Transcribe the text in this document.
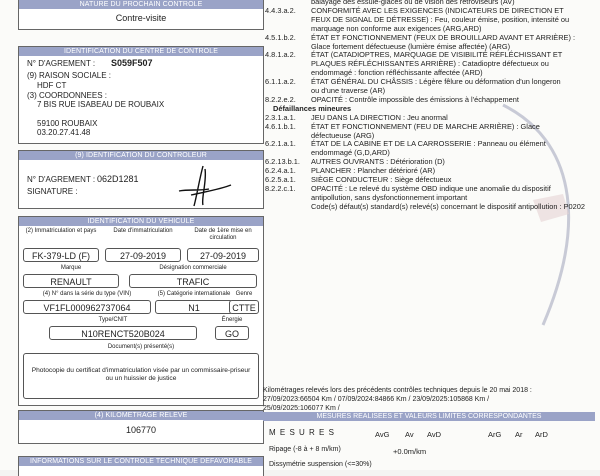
NATURE DU PROCHAIN CONTROLE
Contre-visite
IDENTIFICATION DU CENTRE DE CONTROLE
N° D'AGREMENT : S059F507
(9) RAISON SOCIALE :
HDF CT
(3) COORDONNEES :
7 BIS RUE ISABEAU DE ROUBAIX
59100 ROUBAIX
03.20.27.41.48
(9) IDENTIFICATION DU CONTROLEUR
N° D'AGREMENT : 062D1281
SIGNATURE :
IDENTIFICATION DU VEHICULE
(2) Immatriculation et pays
FK-379-LD (F)
Date d'immatriculation
27-09-2019
Date de 1ère mise en circulation
27-09-2019
Marque
RENAULT
Désignation commerciale
TRAFIC
(4) N° dans la série du type (VIN)
VF1FL000962737064
(5) Catégorie internationale
N1
Genre
CTTE
Type/CNIT
N10RENCT520B024
Énergie
GO
Document(s) présenté(s)
Photocopie du certificat d'immatriculation visée par un commissaire-priseur ou un huissier de justice
(4) KILOMETRAGE RELEVE
106770
INFORMATIONS SUR LE CONTROLE TECHNIQUE DEFAVORABLE
balayage des essuie-glaces ou de vision des rétroviseurs (AV)
4.4.3.a.2. CONFORMITÉ AVEC LES EXIGENCES (INDICATEURS DE DIRECTION ET
FEUX DE SIGNAL DE DÉTRESSE) : Feu, couleur émise, position, intensité ou
marquage non conforme aux exigences (ARG,ARD)
4.5.1.b.2. ÉTAT ET FONCTIONNEMENT (FEUX DE BROUILLARD AVANT ET ARRIÈRE) :
Glace fortement défectueuse (lumière émise affectée) (ARG)
4.8.1.a.2. ÉTAT (CATADIOPTRES, MARQUAGE DE VISIBILITÉ RÉFLÉCHISSANT ET
PLAQUES RÉFLÉCHISSANTES ARRIÈRE) : Catadioptre défectueux ou
endommagé : fonction réfléchissante affectée (ARD)
6.1.1.a.2. ÉTAT GÉNÉRAL DU CHÂSSIS : Légère fêlure ou déformation d'un longeron
ou d'une traverse (AR)
8.2.2.e.2. OPACITÉ : Contrôle impossible des émissions à l'échappement
Défaillances mineures
2.3.1.a.1. JEU DANS LA DIRECTION : Jeu anormal
4.6.1.b.1. ÉTAT ET FONCTIONNEMENT (FEU DE MARCHE ARRIÈRE) : Glace
défectueuse (ARG)
6.2.1.a.1. ÉTAT DE LA CABINE ET DE LA CARROSSERIE : Panneau ou élément
endommagé (G,D,ARD)
6.2.13.b.1. AUTRES OUVRANTS : Détérioration (D)
6.2.4.a.1. PLANCHER : Plancher détérioré (AR)
6.2.5.a.1. SIÈGE CONDUCTEUR : Siège défectueux
8.2.2.c.1. OPACITÉ : Le relevé du système OBD indique une anomalie du dispositif
antipollution, sans dysfonctionnement important
Code(s) défaut(s) standard(s) relevé(s) concernant le dispositif antipollution : P0202
Kilométrages relevés lors des précédents contrôles techniques depuis le 20 mai 2018 :
27/09/2023:66504 Km / 07/09/2024:84866 Km / 23/09/2025:105868 Km /
25/09/2025:106077 Km /
MESURES REALISEES ET VALEURS LIMITES CORRESPONDANTES
M E S U R E S	AvG Av AvD	ArG Ar ArD
Ripage (-8 à + 8 m/km)	+0.0m/km
Dissymétrie suspension (<=30%)
